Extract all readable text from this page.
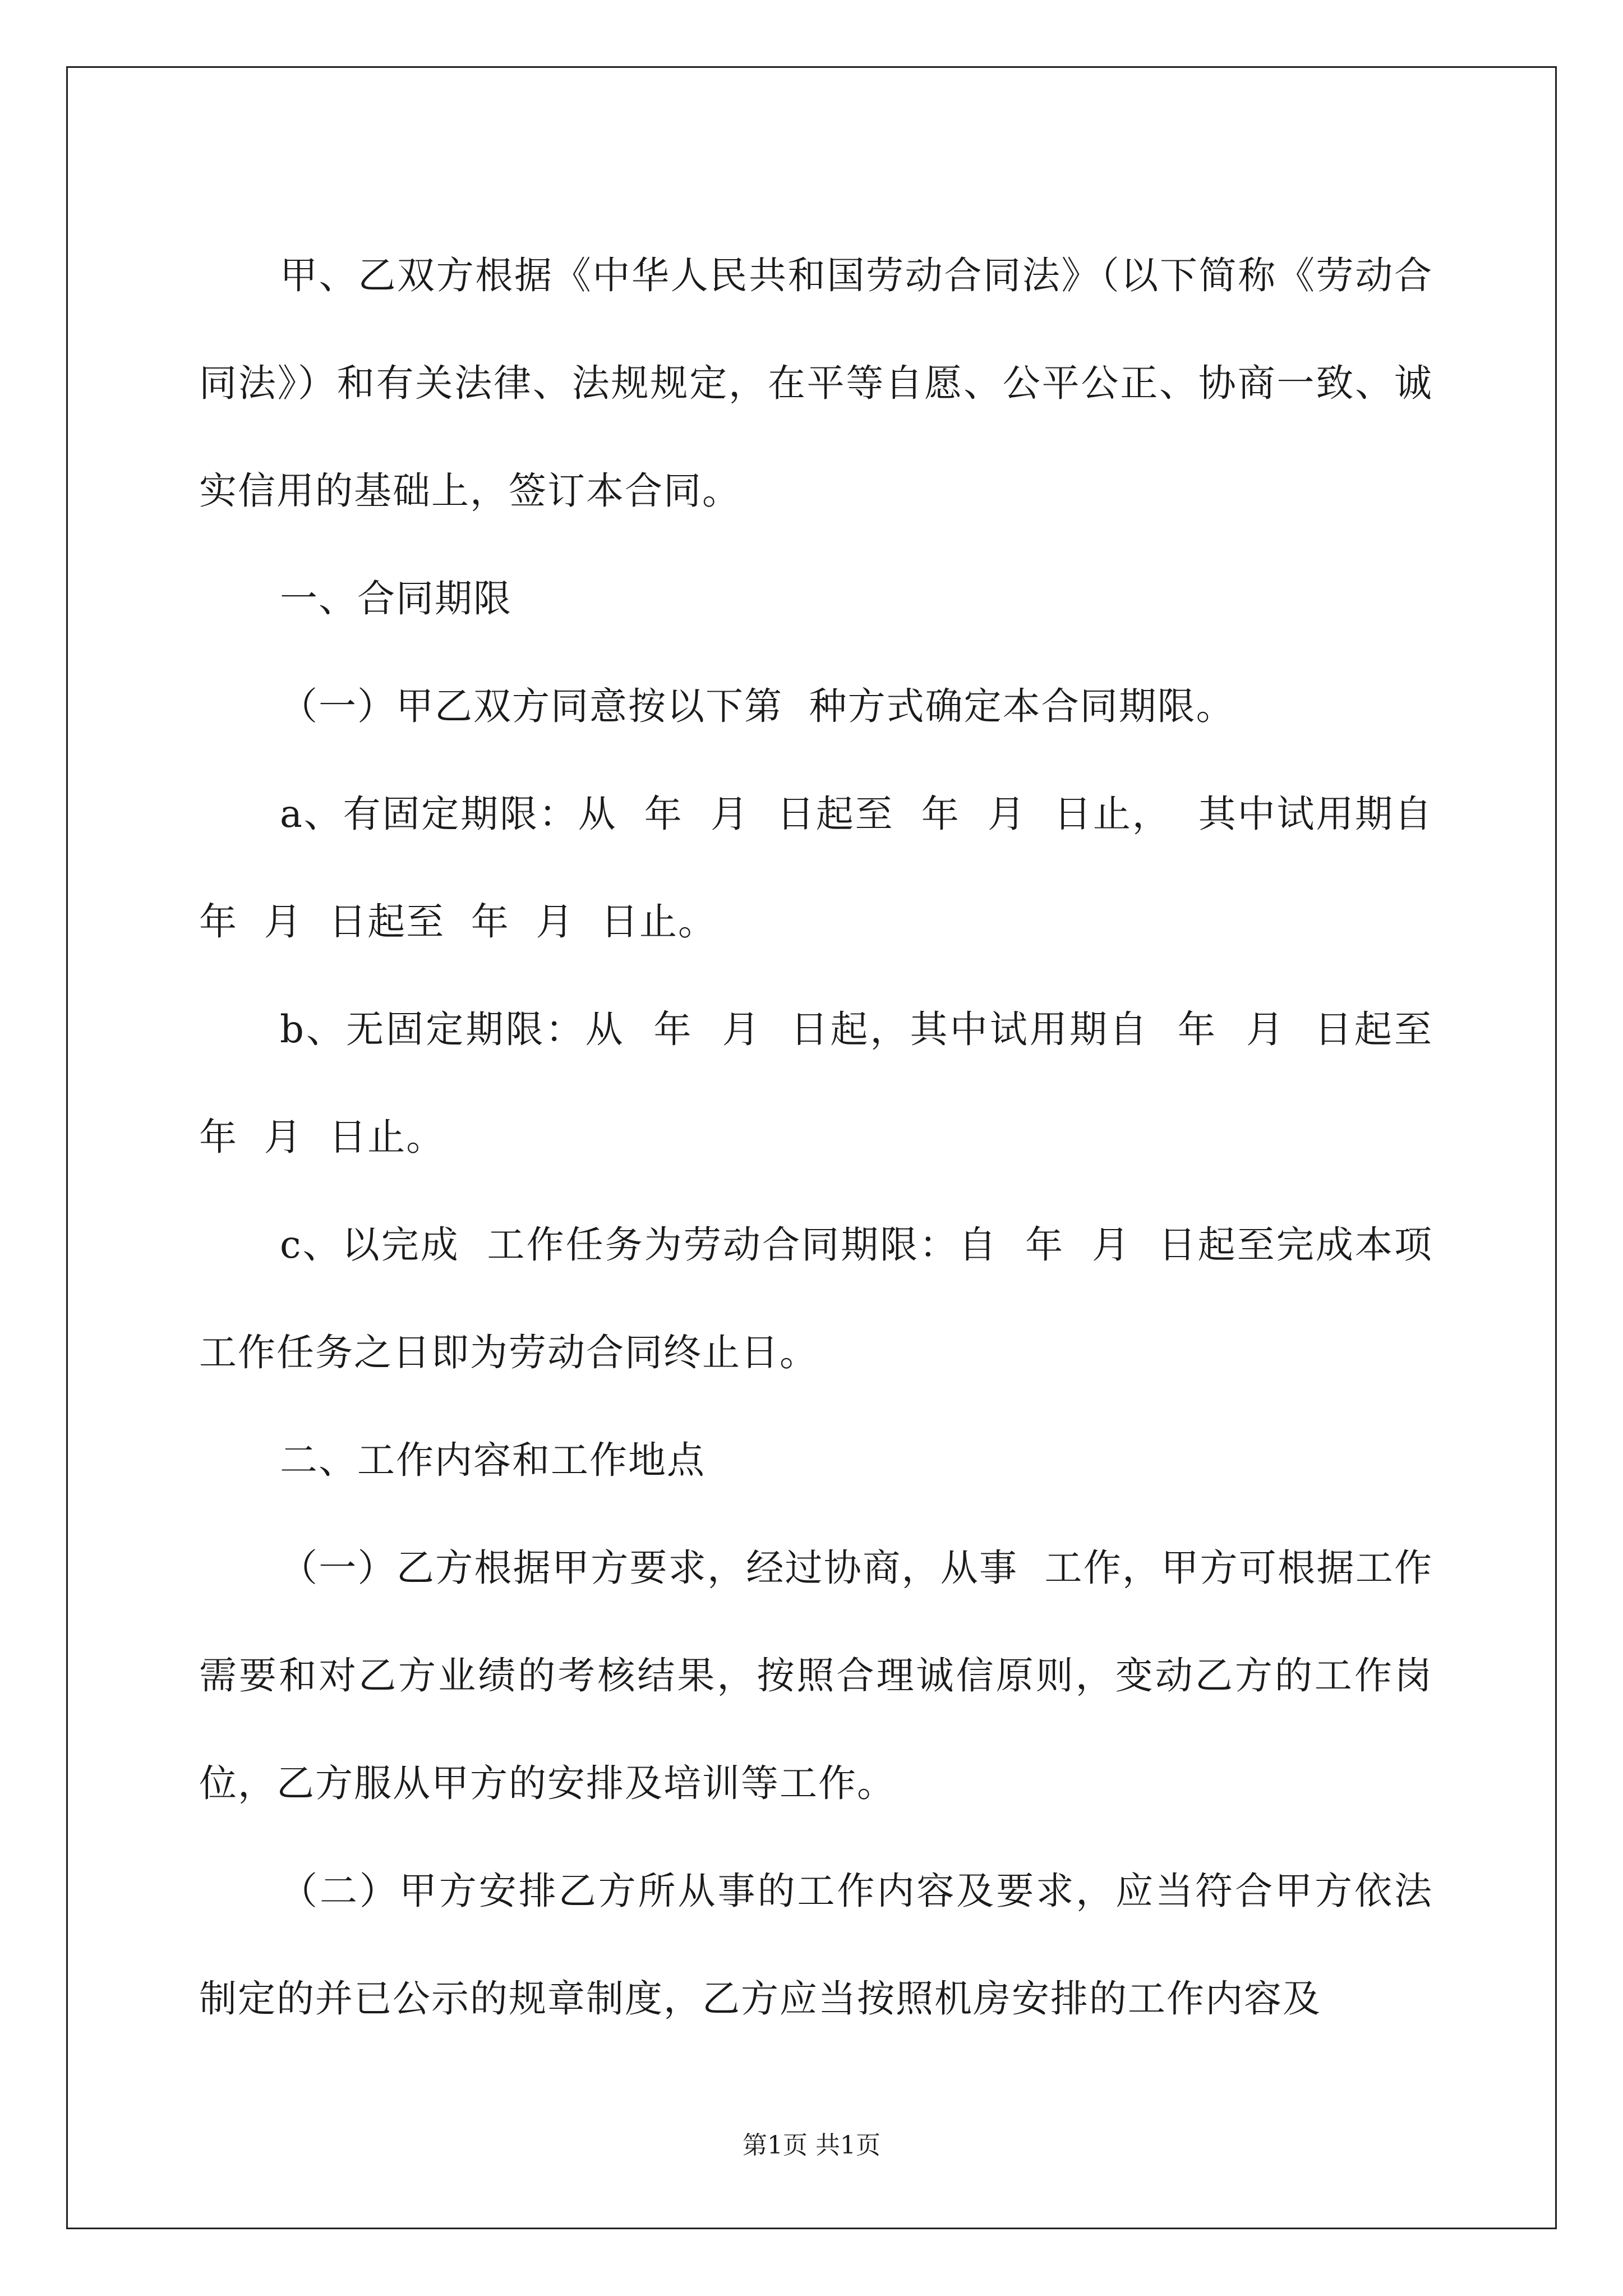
甲、乙双方根据《中华人民共和国劳动合同法》（以下简称《劳动合同法》）和有关法律、法规规定，在平等自愿、公平公正、协商一致、诚实信用的基础上，签订本合同。

一、合同期限

（一）甲乙双方同意按以下第  种方式确定本合同期限。

a、有固定期限：从  年  月  日起至  年  月  日止，  其中试用期自  年  月  日起至  年  月  日止。

b、无固定期限：从  年  月  日起，其中试用期自  年  月  日起至  年  月  日止。

c、以完成  工作任务为劳动合同期限：自  年  月  日起至完成本项工作任务之日即为劳动合同终止日。

二、工作内容和工作地点

（一）乙方根据甲方要求，经过协商，从事  工作，甲方可根据工作需要和对乙方业绩的考核结果，按照合理诚信原则，变动乙方的工作岗位，乙方服从甲方的安排及培训等工作。

（二）甲方安排乙方所从事的工作内容及要求，应当符合甲方依法制定的并已公示的规章制度，乙方应当按照机房安排的工作内容及

第1页 共1页
